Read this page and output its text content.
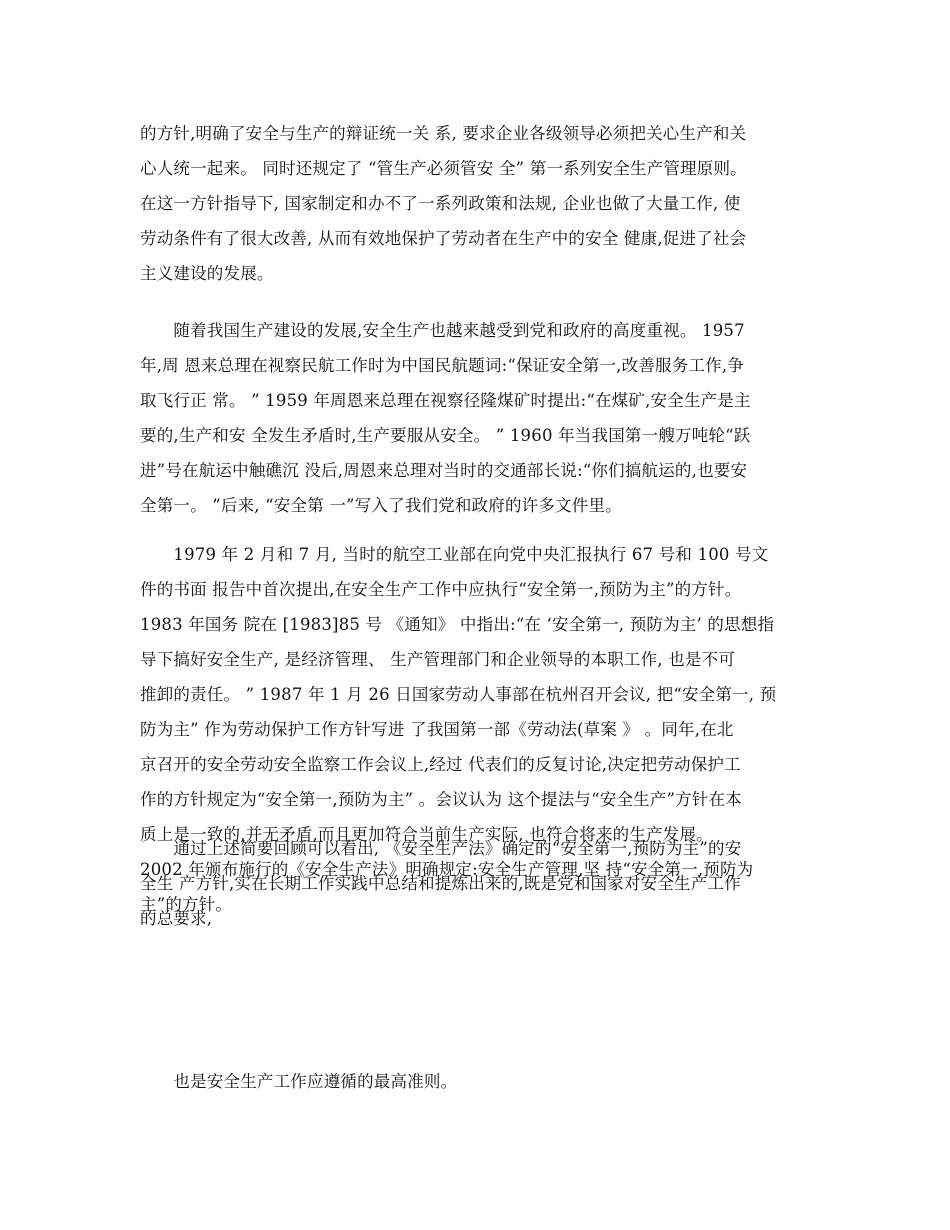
的方针,明确了安全与生产的辩证统一关 系, 要求企业各级领导必须把关心生产和关
心人统一起来。 同时还规定了 “管生产必须管安 全” 第一系列安全生产管理原则。
在这一方针指导下, 国家制定和办不了一系列政策和法规, 企业也做了大量工作, 使
劳动条件有了很大改善, 从而有效地保护了劳动者在生产中的安全 健康,促进了社会
主义建设的发展。
　　随着我国生产建设的发展,安全生产也越来越受到党和政府的高度重视。 1957
年,周 恩来总理在视察民航工作时为中国民航题词:“保证安全第一,改善服务工作,争
取飞行正 常。 ” 1959 年周恩来总理在视察径隆煤矿时提出:“在煤矿,安全生产是主
要的,生产和安 全发生矛盾时,生产要服从安全。 ” 1960 年当我国第一艘万吨轮“跃
进”号在航运中触礁沉 没后,周恩来总理对当时的交通部长说:“你们搞航运的,也要安
全第一。 ”后来, “安全第 一”写入了我们党和政府的许多文件里。
　　1979 年 2 月和 7 月, 当时的航空工业部在向党中央汇报执行 67 号和 100 号文
件的书面 报告中首次提出,在安全生产工作中应执行“安全第一,预防为主”的方针。
1983 年国务 院在 [1983]85 号 《通知》 中指出:“在 ‘安全第一, 预防为主’ 的思想指
导下搞好安全生产, 是经济管理、 生产管理部门和企业领导的本职工作, 也是不可
推卸的责任。 ” 1987 年 1 月 26 日国家劳动人事部在杭州召开会议, 把“安全第一, 预
防为主” 作为劳动保护工作方针写进 了我国第一部《劳动法(草案 》 。同年,在北
京召开的安全劳动安全监察工作会议上,经过 代表们的反复讨论,决定把劳动保护工
作的方针规定为“安全第一,预防为主” 。会议认为 这个提法与“安全生产”方针在本
质上是一致的,并无矛盾,而且更加符合当前生产实际, 也符合将来的生产发展。
2002 年颁布施行的《安全生产法》明确规定:安全生产管理,坚 持“安全第一,预防为
主”的方针。
　　通过上述简要回顾可以看出, 《安全生产法》确定的“安全第一,预防为主”的安
全生 产方针,实在长期工作实践中总结和提炼出来的,既是党和国家对安全生产工作
的总要求,
　　也是安全生产工作应遵循的最高准则。
